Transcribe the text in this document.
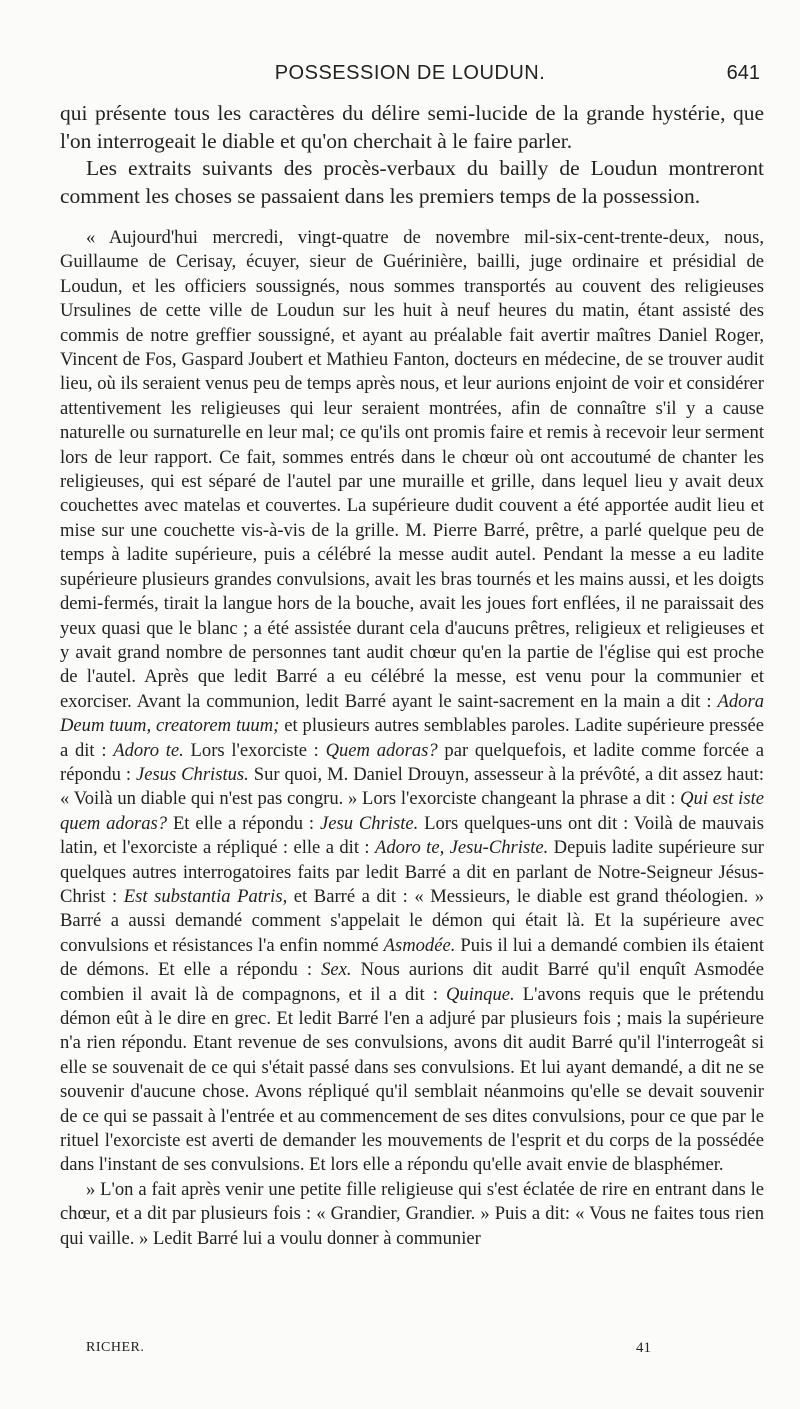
POSSESSION DE LOUDUN.	641

qui présente tous les caractères du délire semi-lucide de la grande hystérie, que l'on interrogeait le diable et qu'on cherchait à le faire parler.

Les extraits suivants des procès-verbaux du bailly de Loudun montreront comment les choses se passaient dans les premiers temps de la possession.

« Aujourd'hui mercredi, vingt-quatre de novembre mil-six-cent-trente-deux, nous, Guillaume de Cerisay, écuyer, sieur de Guérinière, bailli, juge ordinaire et présidial de Loudun, et les officiers soussignés, nous sommes transportés au couvent des religieuses Ursulines de cette ville de Loudun sur les huit à neuf heures du matin, étant assisté des commis de notre greffier soussigné, et ayant au préalable fait avertir maîtres Daniel Roger, Vincent de Fos, Gaspard Joubert et Mathieu Fanton, docteurs en médecine, de se trouver audit lieu, où ils seraient venus peu de temps après nous, et leur aurions enjoint de voir et considérer attentivement les religieuses qui leur seraient montrées, afin de connaître s'il y a cause naturelle ou surnaturelle en leur mal; ce qu'ils ont promis faire et remis à recevoir leur serment lors de leur rapport. Ce fait, sommes entrés dans le chœur où ont accoutumé de chanter les religieuses, qui est séparé de l'autel par une muraille et grille, dans lequel lieu y avait deux couchettes avec matelas et couvertes. La supérieure dudit couvent a été apportée audit lieu et mise sur une couchette vis-à-vis de la grille. M. Pierre Barré, prêtre, a parlé quelque peu de temps à ladite supérieure, puis a célébré la messe audit autel. Pendant la messe a eu ladite supérieure plusieurs grandes convulsions, avait les bras tournés et les mains aussi, et les doigts demi-fermés, tirait la langue hors de la bouche, avait les joues fort enflées, il ne paraissait des yeux quasi que le blanc ; a été assistée durant cela d'aucuns prêtres, religieux et religieuses et y avait grand nombre de personnes tant audit chœur qu'en la partie de l'église qui est proche de l'autel. Après que ledit Barré a eu célébré la messe, est venu pour la communier et exorciser. Avant la communion, ledit Barré ayant le saint-sacrement en la main a dit : Adora Deum tuum, creatorem tuum; et plusieurs autres semblables paroles. Ladite supérieure pressée a dit : Adoro te. Lors l'exorciste : Quem adoras? par quelquefois, et ladite comme forcée a répondu : Jesus Christus. Sur quoi, M. Daniel Drouyn, assesseur à la prévôté, a dit assez haut: « Voilà un diable qui n'est pas congru. » Lors l'exorciste changeant la phrase a dit : Qui est iste quem adoras? Et elle a répondu : Jesu Christe. Lors quelques-uns ont dit : Voilà de mauvais latin, et l'exorciste a répliqué : elle a dit : Adoro te, Jesu-Christe. Depuis ladite supérieure sur quelques autres interrogatoires faits par ledit Barré a dit en parlant de Notre-Seigneur Jésus-Christ : Est substantia Patris, et Barré a dit : « Messieurs, le diable est grand théologien. » Barré a aussi demandé comment s'appelait le démon qui était là. Et la supérieure avec convulsions et résistances l'a enfin nommé Asmodée. Puis il lui a demandé combien ils étaient de démons. Et elle a répondu : Sex. Nous aurions dit audit Barré qu'il enquît Asmodée combien il avait là de compagnons, et il a dit : Quinque. L'avons requis que le prétendu démon eût à le dire en grec. Et ledit Barré l'en a adjuré par plusieurs fois ; mais la supérieure n'a rien répondu. Etant revenue de ses convulsions, avons dit audit Barré qu'il l'interrogeât si elle se souvenait de ce qui s'était passé dans ses convulsions. Et lui ayant demandé, a dit ne se souvenir d'aucune chose. Avons répliqué qu'il semblait néanmoins qu'elle se devait souvenir de ce qui se passait à l'entrée et au commencement de ses dites convulsions, pour ce que par le rituel l'exorciste est averti de demander les mouvements de l'esprit et du corps de la possédée dans l'instant de ses convulsions. Et lors elle a répondu qu'elle avait envie de blasphémer.

» L'on a fait après venir une petite fille religieuse qui s'est éclatée de rire en entrant dans le chœur, et a dit par plusieurs fois : « Grandier, Grandier. » Puis a dit: « Vous ne faites tous rien qui vaille. » Ledit Barré lui a voulu donner à communier

RICHER.	41
